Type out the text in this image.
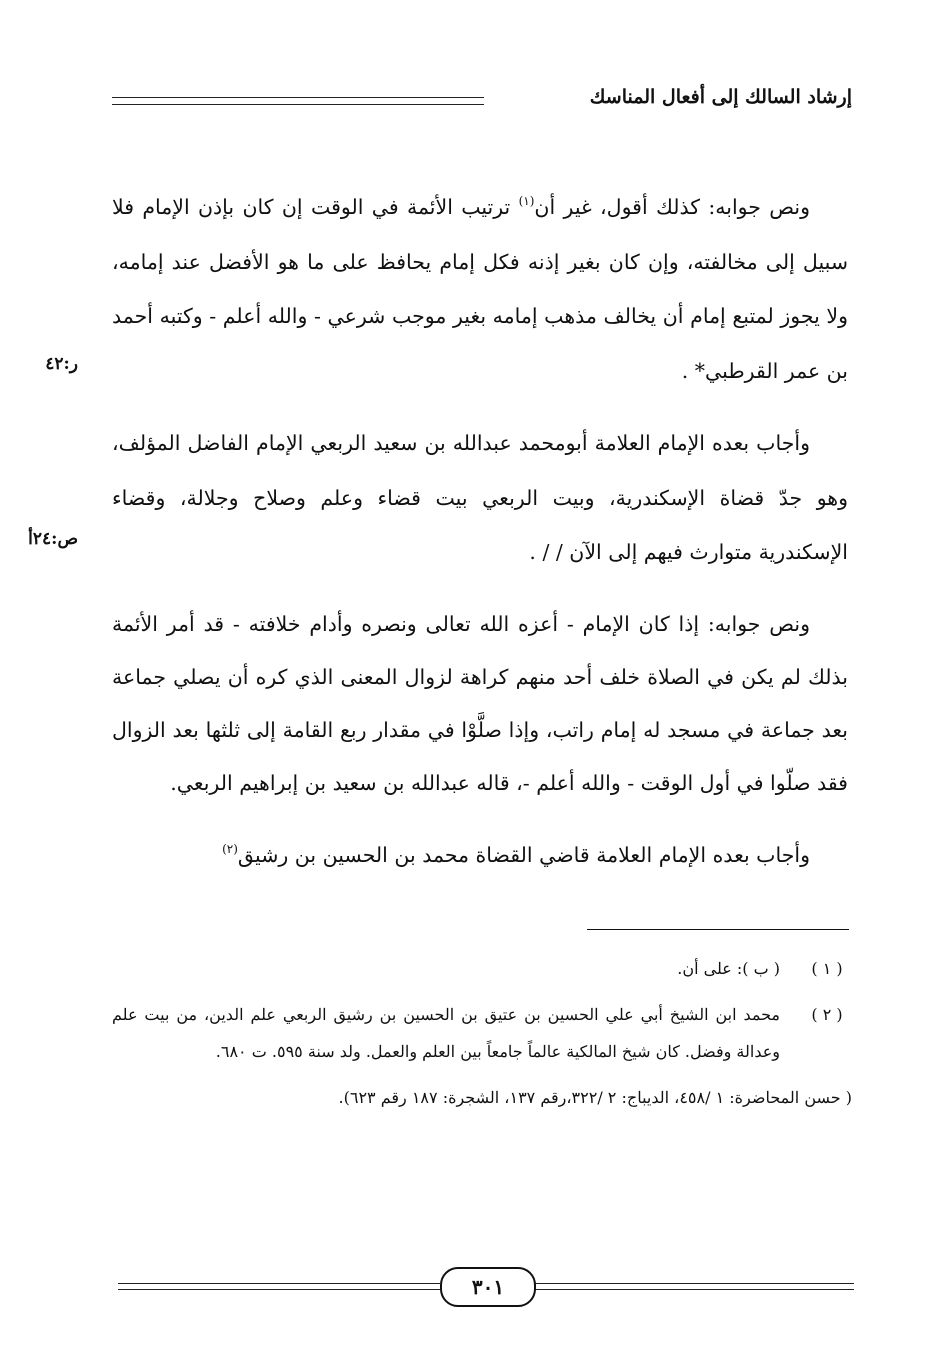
إرشاد السالك إلى أفعال المناسك
ر:٤٢
ص:٢٤أ

ونص جوابه: كذلك أقول، غير أن$^{(١)}$ ترتيب الأئمة في الوقت إن كان بإذن الإمام فلا سبيل إلى مخالفته، وإن كان بغير إذنه فكل إمام يحافظ على ما هو الأفضل عند إمامه، ولا يجوز لمتبع إمام أن يخالف مذهب إمامه بغير موجب شرعي - والله أعلم - وكتبه أحمد بن عمر القرطبي* .

وأجاب بعده الإمام العلامة أبومحمد عبدالله بن سعيد الربعي الإمام الفاضل المؤلف، وهو جدّ قضاة الإسكندرية، وبيت الربعي بيت قضاء وعلم وصلاح وجلالة، وقضاء الإسكندرية متوارث فيهم إلى الآن / / .

ونص جوابه: إذا كان الإمام - أعزه الله تعالى ونصره وأدام خلافته - قد أمر الأئمة بذلك لم يكن في الصلاة خلف أحد منهم كراهة لزوال المعنى الذي كره أن يصلي جماعة بعد جماعة في مسجد له إمام راتب، وإذا صلَّوْا في مقدار ربع القامة إلى ثلثها بعد الزوال فقد صلّوا في أول الوقت - والله أعلم -، قاله عبدالله بن سعيد بن إبراهيم الربعي.

وأجاب بعده الإمام العلامة قاضي القضاة محمد بن الحسين بن رشيق$^{(٢)}$

( ١ )
( ب ): على أن.
( ٢ )
محمد ابن الشيخ أبي علي الحسين بن عتيق بن الحسين بن رشيق الربعي علم الدين، من بيت علم وعدالة وفضل. كان شيخ المالكية عالماً جامعاً بين العلم والعمل. ولد سنة ٥٩٥. ت ٦٨٠.
( حسن المحاضرة: ١ /٤٥٨، الديباج: ٢ /٣٢٢،رقم ١٣٧، الشجرة: ١٨٧ رقم ٦٢٣).
٣٠١
